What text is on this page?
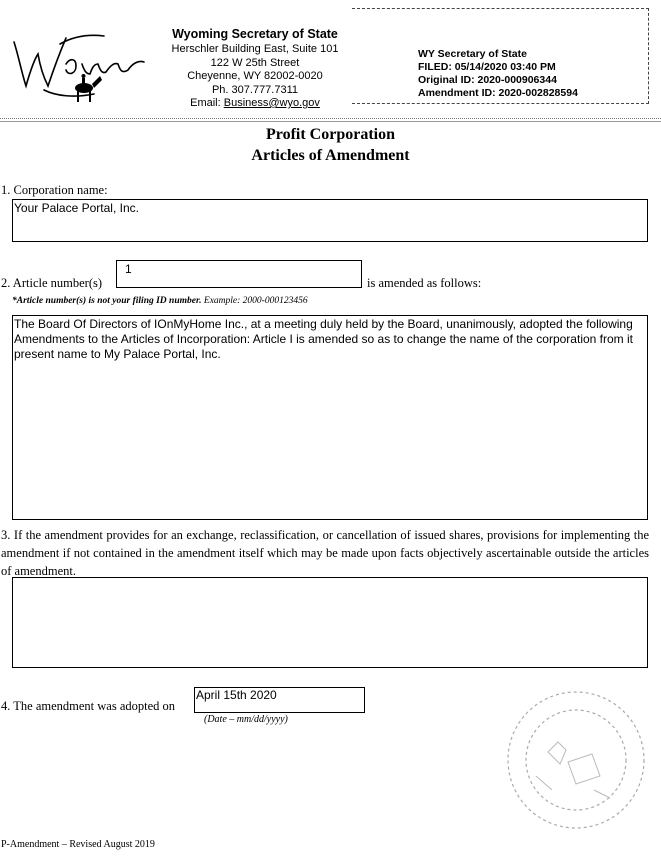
Wyoming Secretary of State
Herschler Building East, Suite 101
122 W 25th Street
Cheyenne, WY 82002-0020
Ph. 307.777.7311
Email: Business@wyo.gov
WY Secretary of State
FILED: 05/14/2020 03:40 PM
Original ID: 2020-000906344
Amendment ID: 2020-002828594
Profit Corporation
Articles of Amendment
1. Corporation name:
Your Palace Portal, Inc.
2. Article number(s)
1
is amended as follows:
*Article number(s) is not your filing ID number. Example: 2000-000123456
The Board Of Directors of IOnMyHome Inc., at a meeting duly held by the Board, unanimously, adopted the following Amendments to the Articles of Incorporation: Article I is amended so as to change the name of the corporation from it present name to My Palace Portal, Inc.
3. If the amendment provides for an exchange, reclassification, or cancellation of issued shares, provisions for implementing the amendment if not contained in the amendment itself which may be made upon facts objectively ascertainable outside the articles of amendment.
4. The amendment was adopted on
April 15th 2020
(Date – mm/dd/yyyy)
P-Amendment – Revised August 2019
